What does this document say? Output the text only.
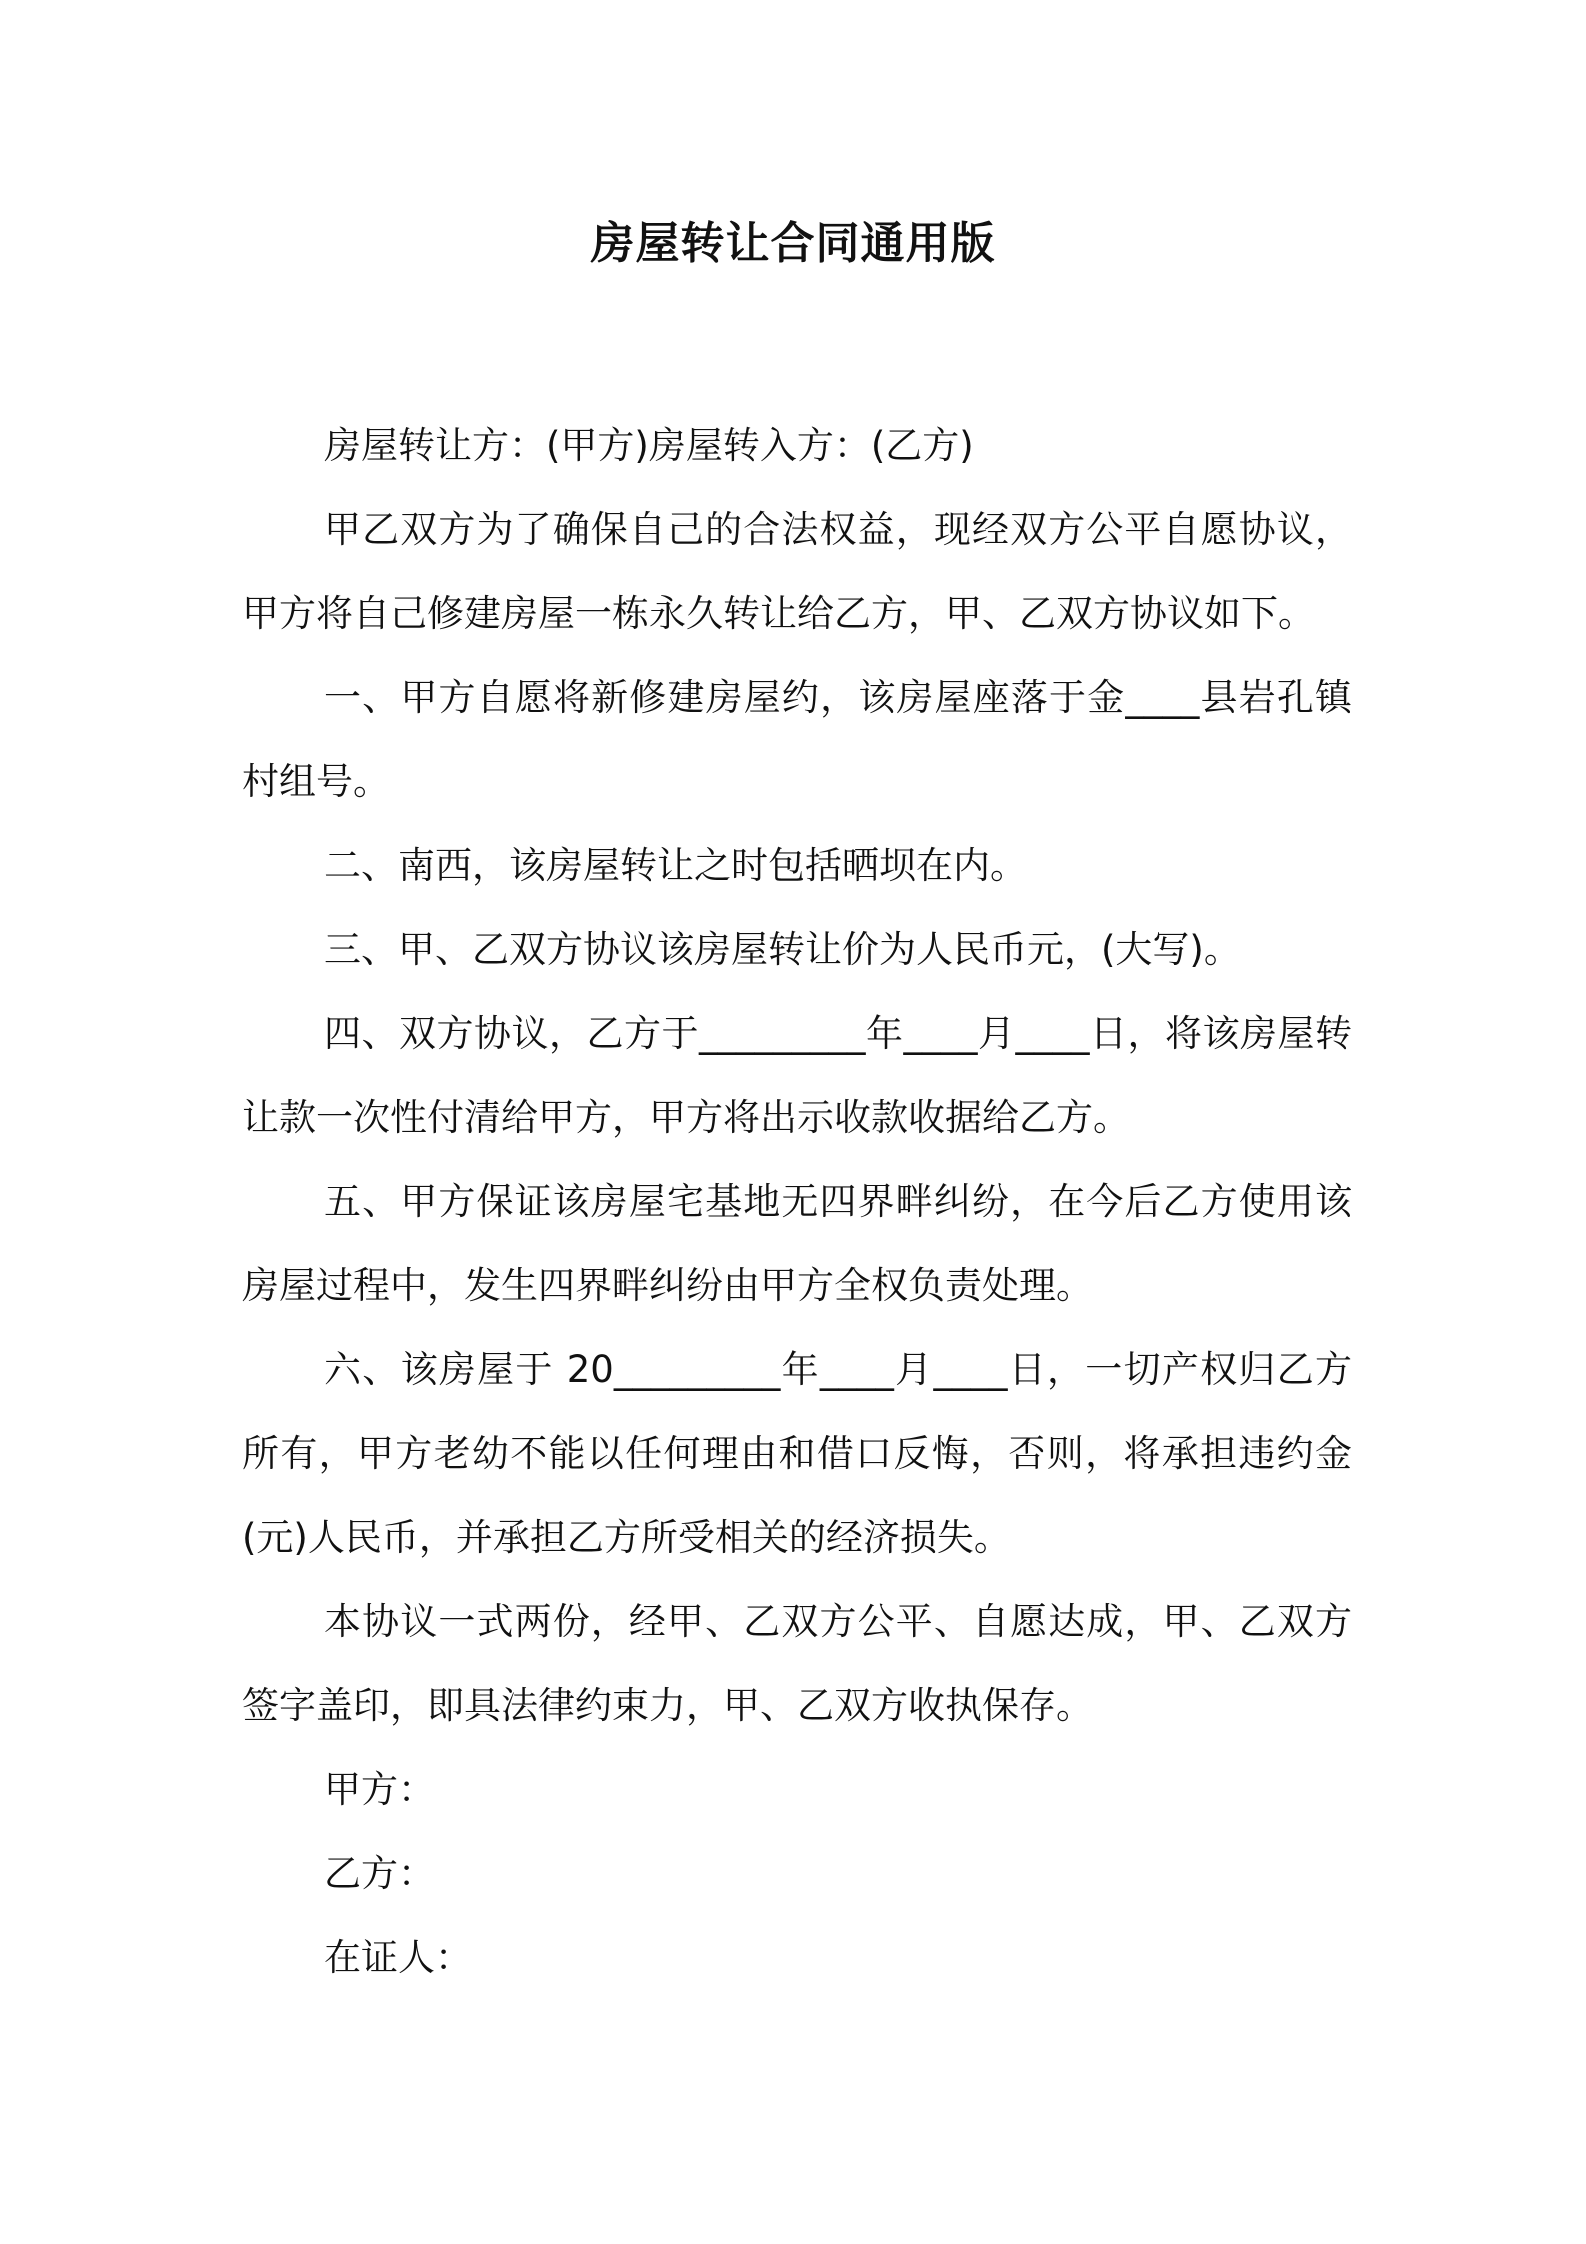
房屋转让合同通用版

房屋转让方：(甲方)房屋转入方：(乙方)

甲乙双方为了确保自己的合法权益，现经双方公平自愿协议，甲方将自己修建房屋一栋永久转让给乙方，甲、乙双方协议如下。

一、甲方自愿将新修建房屋约，该房屋座落于金____县岩孔镇村组号。

二、南西，该房屋转让之时包括晒坝在内。

三、甲、乙双方协议该房屋转让价为人民币元，(大写)。

四、双方协议，乙方于_________年____月____日，将该房屋转让款一次性付清给甲方，甲方将出示收款收据给乙方。

五、甲方保证该房屋宅基地无四界畔纠纷，在今后乙方使用该房屋过程中，发生四界畔纠纷由甲方全权负责处理。

六、该房屋于 20_________年____月____日，一切产权归乙方所有，甲方老幼不能以任何理由和借口反悔，否则，将承担违约金(元)人民币，并承担乙方所受相关的经济损失。

本协议一式两份，经甲、乙双方公平、自愿达成，甲、乙双方签字盖印，即具法律约束力，甲、乙双方收执保存。

甲方：

乙方：

在证人：
